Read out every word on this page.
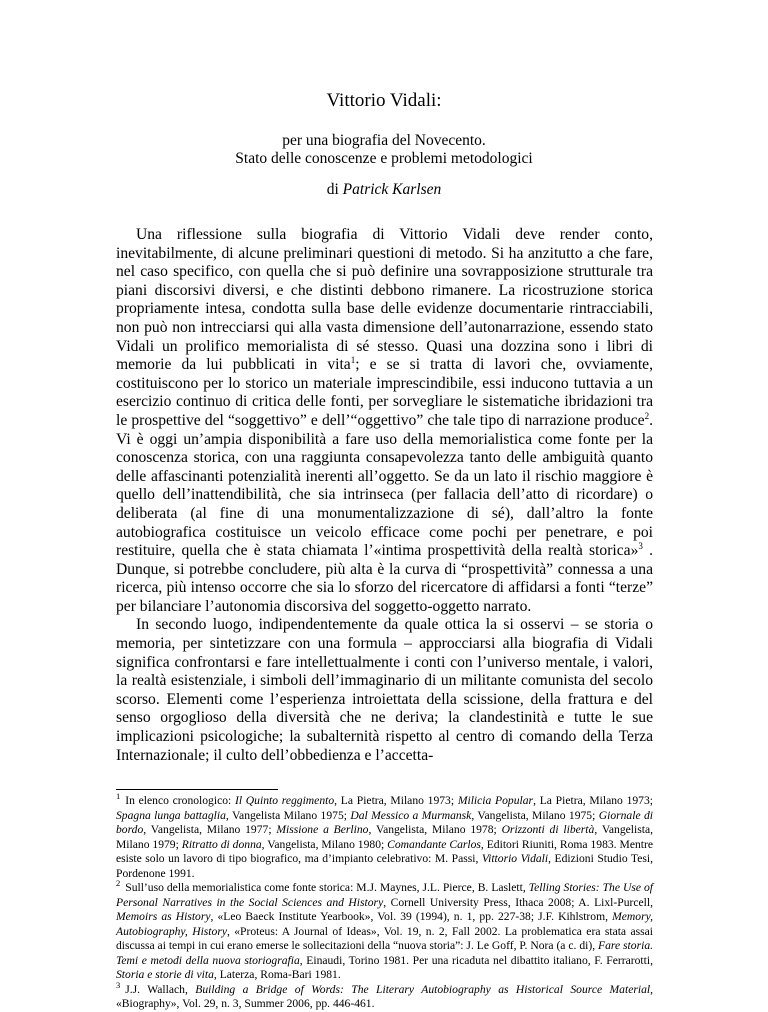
Vittorio Vidali:
per una biografia del Novecento.
Stato delle conoscenze e problemi metodologici
di Patrick Karlsen

Una riflessione sulla biografia di Vittorio Vidali deve render conto, inevitabilmente, di alcune preliminari questioni di metodo. Si ha anzitutto a che fare, nel caso specifico, con quella che si può definire una sovrapposizione strutturale tra piani discorsivi diversi, e che distinti debbono rimanere. La ricostruzione storica propriamente intesa, condotta sulla base delle evidenze documentarie rintracciabili, non può non intrecciarsi qui alla vasta dimensione dell’autonarrazione, essendo stato Vidali un prolifico memorialista di sé stesso. Quasi una dozzina sono i libri di memorie da lui pubblicati in vita$^1$; e se si tratta di lavori che, ovviamente, costituiscono per lo storico un materiale imprescindibile, essi inducono tuttavia a un esercizio continuo di critica delle fonti, per sorvegliare le sistematiche ibridazioni tra le prospettive del “soggettivo” e dell’“oggettivo” che tale tipo di narrazione produce$^2$. Vi è oggi un’ampia disponibilità a fare uso della memorialistica come fonte per la conoscenza storica, con una raggiunta consapevolezza tanto delle ambiguità quanto delle affascinanti potenzialità inerenti all’oggetto. Se da un lato il rischio maggiore è quello dell’inattendibilità, che sia intrinseca (per fallacia dell’atto di ricordare) o deliberata (al fine di una monumentalizzazione di sé), dall’altro la fonte autobiografica costituisce un veicolo efficace come pochi per penetrare, e poi restituire, quella che è stata chiamata l’«intima prospettività della realtà storica»$^3$ . Dunque, si potrebbe concludere, più alta è la curva di “prospettività” connessa a una ricerca, più intenso occorre che sia lo sforzo del ricercatore di affidarsi a fonti “terze” per bilanciare l’autonomia discorsiva del soggetto-oggetto narrato.

In secondo luogo, indipendentemente da quale ottica la si osservi – se storia o memoria, per sintetizzare con una formula – approcciarsi alla biografia di Vidali significa confrontarsi e fare intellettualmente i conti con l’universo mentale, i valori, la realtà esistenziale, i simboli dell’immaginario di un militante comunista del secolo scorso. Elementi come l’esperienza introiettata della scissione, della frattura e del senso orgoglioso della diversità che ne deriva; la clandestinità e tutte le sue implicazioni psicologiche; la subalternità rispetto al centro di comando della Terza Internazionale; il culto dell’obbedienza e l’accetta-

$^1$ In elenco cronologico: Il Quinto reggimento, La Pietra, Milano 1973; Milicia Popular, La Pietra, Milano 1973; Spagna lunga battaglia, Vangelista Milano 1975; Dal Messico a Murmansk, Vangelista, Milano 1975; Giornale di bordo, Vangelista, Milano 1977; Missione a Berlino, Vangelista, Milano 1978; Orizzonti di libertà, Vangelista, Milano 1979; Ritratto di donna, Vangelista, Milano 1980; Comandante Carlos, Editori Riuniti, Roma 1983. Mentre esiste solo un lavoro di tipo biografico, ma d’impianto celebrativo: M. Passi, Vittorio Vidali, Edizioni Studio Tesi, Pordenone 1991.

$^2$ Sull’uso della memorialistica come fonte storica: M.J. Maynes, J.L. Pierce, B. Laslett, Telling Stories: The Use of Personal Narratives in the Social Sciences and History, Cornell University Press, Ithaca 2008; A. Lixl-Purcell, Memoirs as History, «Leo Baeck Institute Yearbook», Vol. 39 (1994), n. 1, pp. 227-38; J.F. Kihlstrom, Memory, Autobiography, History, «Proteus: A Journal of Ideas», Vol. 19, n. 2, Fall 2002. La problematica era stata assai discussa ai tempi in cui erano emerse le sollecitazioni della “nuova storia”: J. Le Goff, P. Nora (a c. di), Fare storia. Temi e metodi della nuova storiografia, Einaudi, Torino 1981. Per una ricaduta nel dibattito italiano, F. Ferrarotti, Storia e storie di vita, Laterza, Roma-Bari 1981.

$^3$ J.J. Wallach, Building a Bridge of Words: The Literary Autobiography as Historical Source Material, «Biography», Vol. 29, n. 3, Summer 2006, pp. 446-461.
